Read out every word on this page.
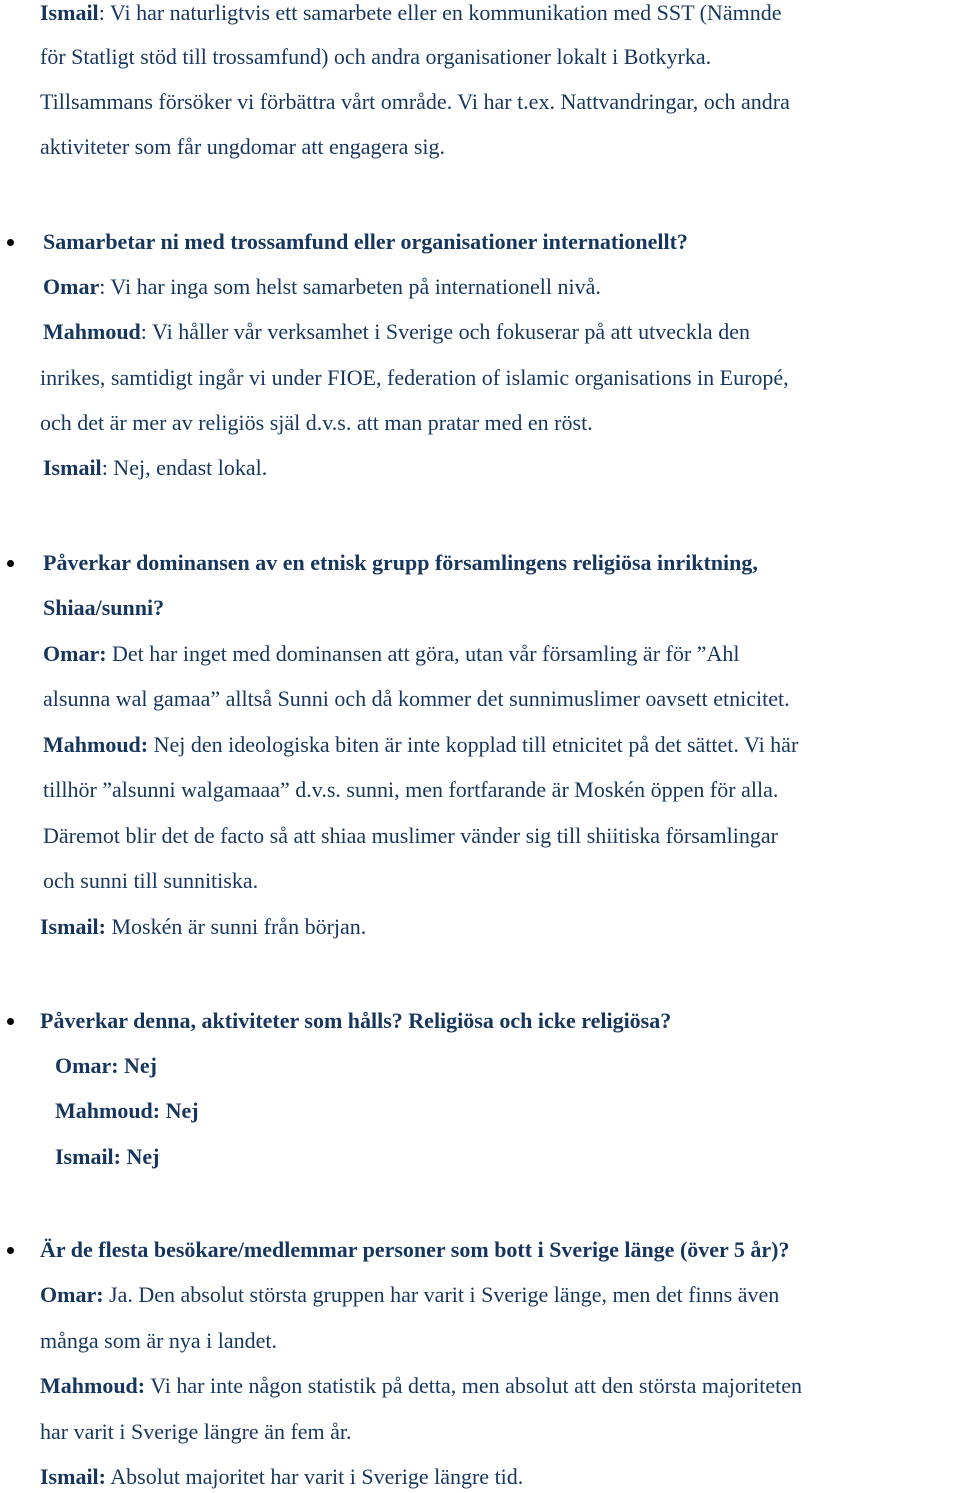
Ismail: Vi har naturligtvis ett samarbete eller en kommunikation med SST (Nämnde
för Statligt stöd till trossamfund) och andra organisationer lokalt i Botkyrka.
Tillsammans försöker vi förbättra vårt område. Vi har t.ex. Nattvandringar, och andra
aktiviteter som får ungdomar att engagera sig.
Samarbetar ni med trossamfund eller organisationer internationellt?
Omar: Vi har inga som helst samarbeten på internationell nivå.
Mahmoud: Vi håller vår verksamhet i Sverige och fokuserar på att utveckla den
inrikes, samtidigt ingår vi under FIOE, federation of islamic organisations in Europé,
och det är mer av religiös själ d.v.s. att man pratar med en röst.
Ismail: Nej, endast lokal.
Påverkar dominansen av en etnisk grupp församlingens religiösa inriktning,
Shiaa/sunni?
Omar: Det har inget med dominansen att göra, utan vår församling är för ”Ahl
alsunna wal gamaa” alltså Sunni och då kommer det sunnimuslimer oavsett etnicitet.
Mahmoud: Nej den ideologiska biten är inte kopplad till etnicitet på det sättet. Vi här
tillhör ”alsunni walgamaaa” d.v.s. sunni, men fortfarande är Moskén öppen för alla.
Däremot blir det de facto så att shiaa muslimer vänder sig till shiitiska församlingar
och sunni till sunnitiska.
Ismail: Moskén är sunni från början.
Påverkar denna, aktiviteter som hålls? Religiösa och icke religiösa?
Omar: Nej
Mahmoud: Nej
Ismail: Nej
Är de flesta besökare/medlemmar personer som bott i Sverige länge (över 5 år)?
Omar: Ja. Den absolut största gruppen har varit i Sverige länge, men det finns även
många som är nya i landet.
Mahmoud: Vi har inte någon statistik på detta, men absolut att den största majoriteten
har varit i Sverige längre än fem år.
Ismail: Absolut majoritet har varit i Sverige längre tid.
